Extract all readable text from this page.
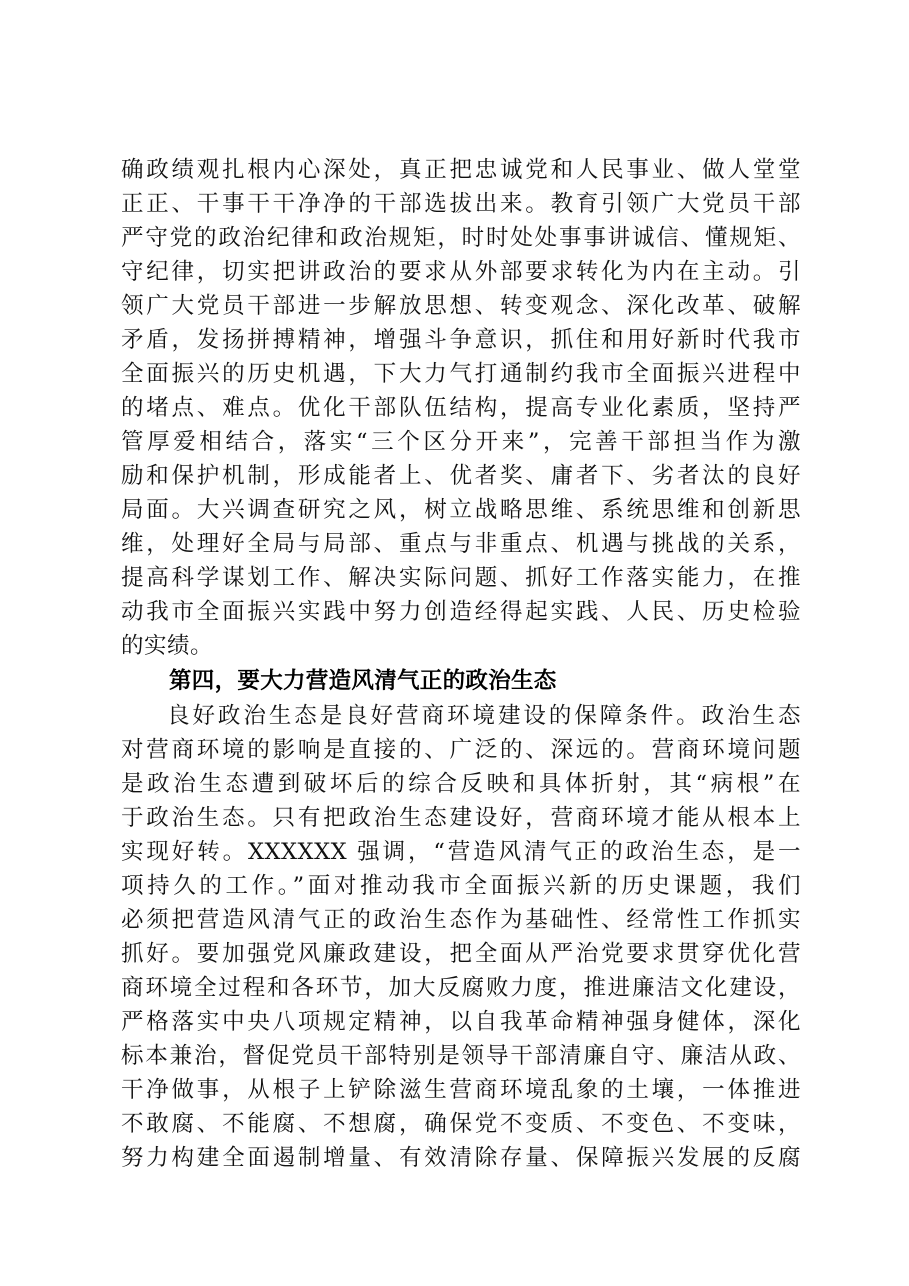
确政绩观扎根内心深处，真正把忠诚党和人民事业、做人堂堂
正正、干事干干净净的干部选拔出来。教育引领广大党员干部
严守党的政治纪律和政治规矩，时时处处事事讲诚信、懂规矩、
守纪律，切实把讲政治的要求从外部要求转化为内在主动。引
领广大党员干部进一步解放思想、转变观念、深化改革、破解
矛盾，发扬拼搏精神，增强斗争意识，抓住和用好新时代我市
全面振兴的历史机遇，下大力气打通制约我市全面振兴进程中
的堵点、难点。优化干部队伍结构，提高专业化素质，坚持严
管厚爱相结合，落实“三个区分开来”，完善干部担当作为激
励和保护机制，形成能者上、优者奖、庸者下、劣者汰的良好
局面。大兴调查研究之风，树立战略思维、系统思维和创新思
维，处理好全局与局部、重点与非重点、机遇与挑战的关系，
提高科学谋划工作、解决实际问题、抓好工作落实能力，在推
动我市全面振兴实践中努力创造经得起实践、人民、历史检验
的实绩。
第四，要大力营造风清气正的政治生态
良好政治生态是良好营商环境建设的保障条件。政治生态
对营商环境的影响是直接的、广泛的、深远的。营商环境问题
是政治生态遭到破坏后的综合反映和具体折射，其“病根”在
于政治生态。只有把政治生态建设好，营商环境才能从根本上
实现好转。XXXXXX 强调，“营造风清气正的政治生态，是一
项持久的工作。”面对推动我市全面振兴新的历史课题，我们
必须把营造风清气正的政治生态作为基础性、经常性工作抓实
抓好。要加强党风廉政建设，把全面从严治党要求贯穿优化营
商环境全过程和各环节，加大反腐败力度，推进廉洁文化建设，
严格落实中央八项规定精神，以自我革命精神强身健体，深化
标本兼治，督促党员干部特别是领导干部清廉自守、廉洁从政、
干净做事，从根子上铲除滋生营商环境乱象的土壤，一体推进
不敢腐、不能腐、不想腐，确保党不变质、不变色、不变味，
努力构建全面遏制增量、有效清除存量、保障振兴发展的反腐
